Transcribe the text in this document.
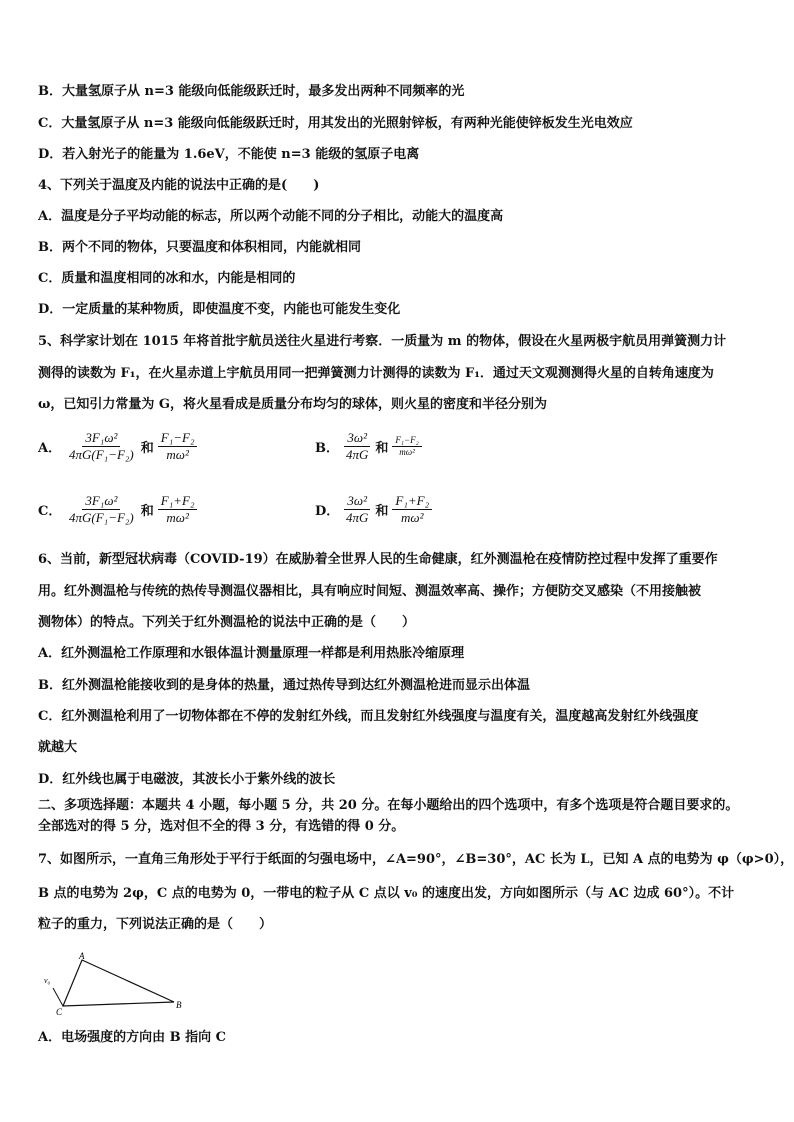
B．大量氢原子从 n=3 能级向低能级跃迁时，最多发出两种不同频率的光
C．大量氢原子从 n=3 能级向低能级跃迁时，用其发出的光照射锌板，有两种光能使锌板发生光电效应
D．若入射光子的能量为 1.6eV，不能使 n=3 能级的氢原子电离
4、下列关于温度及内能的说法中正确的是(　　)
A．温度是分子平均动能的标志，所以两个动能不同的分子相比，动能大的温度高
B．两个不同的物体，只要温度和体积相同，内能就相同
C．质量和温度相同的冰和水，内能是相同的
D．一定质量的某种物质，即使温度不变，内能也可能发生变化
5、科学家计划在 1015 年将首批宇航员送往火星进行考察．一质量为 m 的物体，假设在火星两极宇航员用弹簧测力计
测得的读数为 F₁，在火星赤道上宇航员用同一把弹簧测力计测得的读数为 F₁．通过天文观测测得火星的自转角速度为
ω，已知引力常量为 G，将火星看成是质量分布均匀的球体，则火星的密度和半径分别为
A． $\frac{\text{3F₁ω²}}{\text{4πG(F₁−F₂)}}$ 和 $\frac{\text{F₁−F₂}}{\text{mω²}}$	B． $\frac{\text{3ω²}}{4\pi G}$ 和 $\frac{\text{F₁−F₂}}{\text{mω²}}$
C． $\frac{\text{3F₁ω²}}{\text{4πG(F₁−F₂)}}$ 和 $\frac{\text{F₁+F₂}}{\text{mω²}}$	D． $\frac{\text{3ω²}}{4\pi G}$ 和 $\frac{\text{F₁+F₂}}{\text{mω²}}$
6、当前，新型冠状病毒（COVID-19）在威胁着全世界人民的生命健康，红外测温枪在疫情防控过程中发挥了重要作
用。红外测温枪与传统的热传导测温仪器相比，具有响应时间短、测温效率高、操作；方便防交叉感染（不用接触被
测物体）的特点。下列关于红外测温枪的说法中正确的是（　　）
A．红外测温枪工作原理和水银体温计测量原理一样都是利用热胀冷缩原理
B．红外测温枪能接收到的是身体的热量，通过热传导到达红外测温枪进而显示出体温
C．红外测温枪利用了一切物体都在不停的发射红外线，而且发射红外线强度与温度有关，温度越高发射红外线强度
就越大
D．红外线也属于电磁波，其波长小于紫外线的波长
二、多项选择题：本题共 4 小题，每小题 5 分，共 20 分。在每小题给出的四个选项中，有多个选项是符合题目要求的。
全部选对的得 5 分，选对但不全的得 3 分，有选错的得 0 分。
7、如图所示，一直角三角形处于平行于纸面的匀强电场中，∠A=90°，∠B=30°，AC 长为 L，已知 A 点的电势为 φ（φ>0），
B 点的电势为 2φ，C 点的电势为 0，一带电的粒子从 C 点以 v₀ 的速度出发，方向如图所示（与 AC 边成 60°）。不计
粒子的重力，下列说法正确的是（　　）
A
B
C
v₀
A．电场强度的方向由 B 指向 C
